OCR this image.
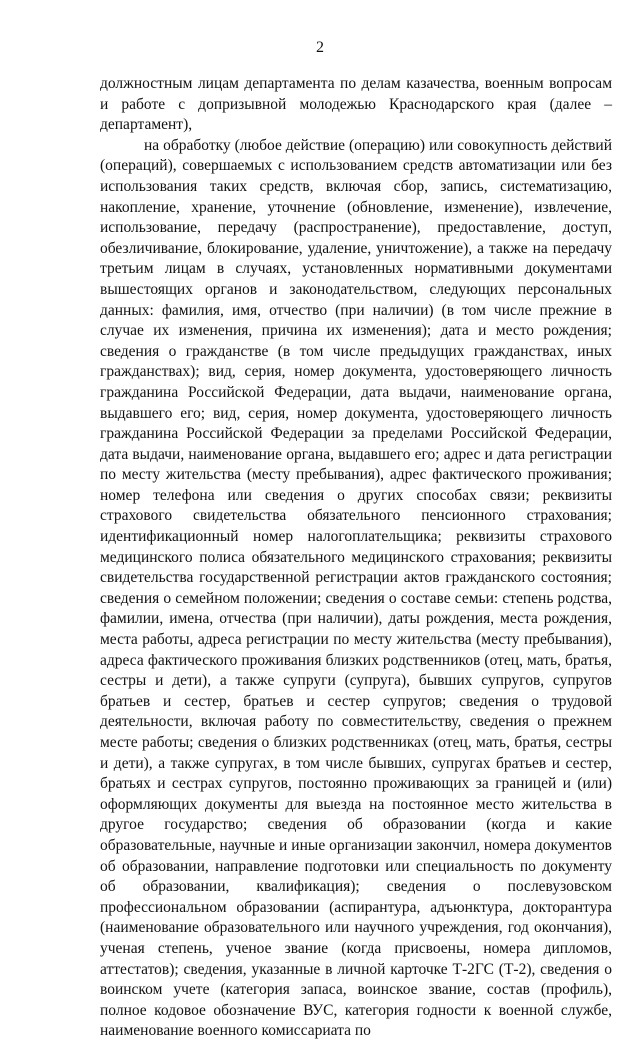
2

должностным лицам департамента по делам казачества, военным вопросам и работе с допризывной молодежью Краснодарского края (далее – департамент),

на обработку (любое действие (операцию) или совокупность действий (операций), совершаемых с использованием средств автоматизации или без использования таких средств, включая сбор, запись, систематизацию, накопление, хранение, уточнение (обновление, изменение), извлечение, использование, передачу (распространение), предоставление, доступ, обезличивание, блокирование, удаление, уничтожение), а также на передачу третьим лицам в случаях, установленных нормативными документами вышестоящих органов и законодательством, следующих персональных данных: фамилия, имя, отчество (при наличии) (в том числе прежние в случае их изменения, причина их изменения); дата и место рождения; сведения о гражданстве (в том числе предыдущих гражданствах, иных гражданствах); вид, серия, номер документа, удостоверяющего личность гражданина Российской Федерации, дата выдачи, наименование органа, выдавшего его; вид, серия, номер документа, удостоверяющего личность гражданина Российской Федерации за пределами Российской Федерации, дата выдачи, наименование органа, выдавшего его; адрес и дата регистрации по месту жительства (месту пребывания), адрес фактического проживания; номер телефона или сведения о других способах связи; реквизиты страхового свидетельства обязательного пенсионного страхования; идентификационный номер налогоплательщика; реквизиты страхового медицинского полиса обязательного медицинского страхования; реквизиты свидетельства государственной регистрации актов гражданского состояния; сведения о семейном положении; сведения о составе семьи: степень родства, фамилии, имена, отчества (при наличии), даты рождения, места рождения, места работы, адреса регистрации по месту жительства (месту пребывания), адреса фактического проживания близких родственников (отец, мать, братья, сестры и дети), а также супруги (супруга), бывших супругов, супругов братьев и сестер, братьев и сестер супругов; сведения о трудовой деятельности, включая работу по совместительству, сведения о прежнем месте работы; сведения о близких родственниках (отец, мать, братья, сестры и дети), а также супругах, в том числе бывших, супругах братьев и сестер, братьях и сестрах супругов, постоянно проживающих за границей и (или) оформляющих документы для выезда на постоянное место жительства в другое государство; сведения об образовании (когда и какие образовательные, научные и иные организации закончил, номера документов об образовании, направление подготовки или специальность по документу об образовании, квалификация); сведения о послевузовском профессиональном образовании (аспирантура, адъюнктура, докторантура (наименование образовательного или научного учреждения, год окончания), ученая степень, ученое звание (когда присвоены, номера дипломов, аттестатов); сведения, указанные в личной карточке Т-2ГС (Т-2), сведения о воинском учете (категория запаса, воинское звание, состав (профиль), полное кодовое обозначение ВУС, категория годности к военной службе, наименование военного комиссариата по
